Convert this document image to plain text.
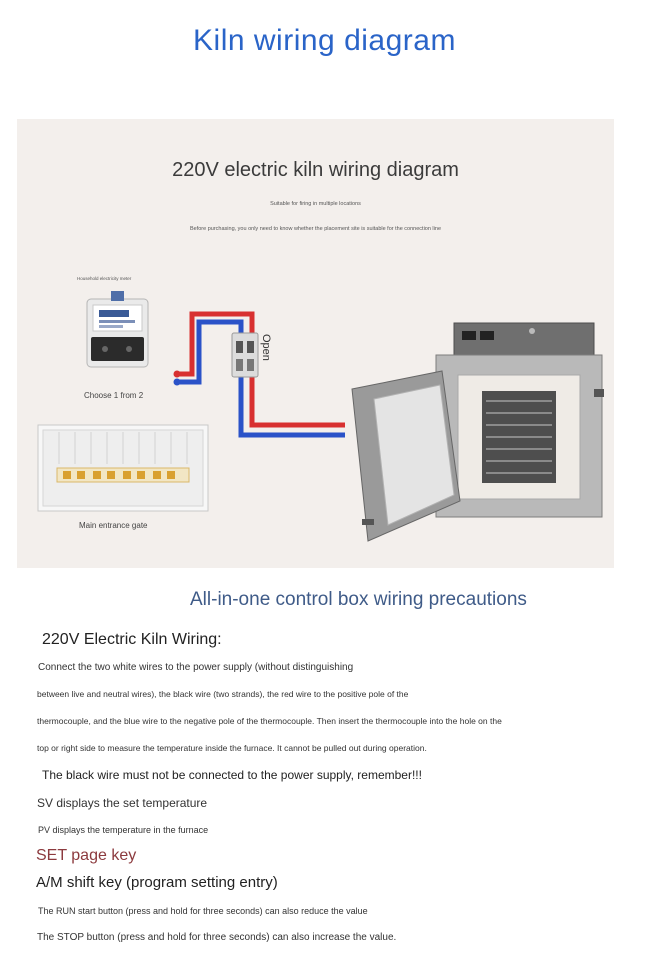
Kiln wiring diagram
220V electric kiln wiring diagram
Suitable for firing in multiple locations
Before purchasing, you only need to know whether the placement site is suitable for the connection line
Household electricity meter
Choose 1 from 2
Open
Main entrance gate
All-in-one control box wiring precautions
220V Electric Kiln Wiring:
Connect the two white wires to the power supply (without distinguishing
between live and neutral wires), the black wire (two strands), the red wire to the positive pole of the
thermocouple, and the blue wire to the negative pole of the thermocouple. Then insert the thermocouple into the hole on the
top or right side to measure the temperature inside the furnace. It cannot be pulled out during operation.
The black wire must not be connected to the power supply, remember!!!
SV displays the set temperature
PV displays the temperature in the furnace
SET page key
A/M shift key (program setting entry)
The RUN start button (press and hold for three seconds) can also reduce the value
The STOP button (press and hold for three seconds) can also increase the value.
